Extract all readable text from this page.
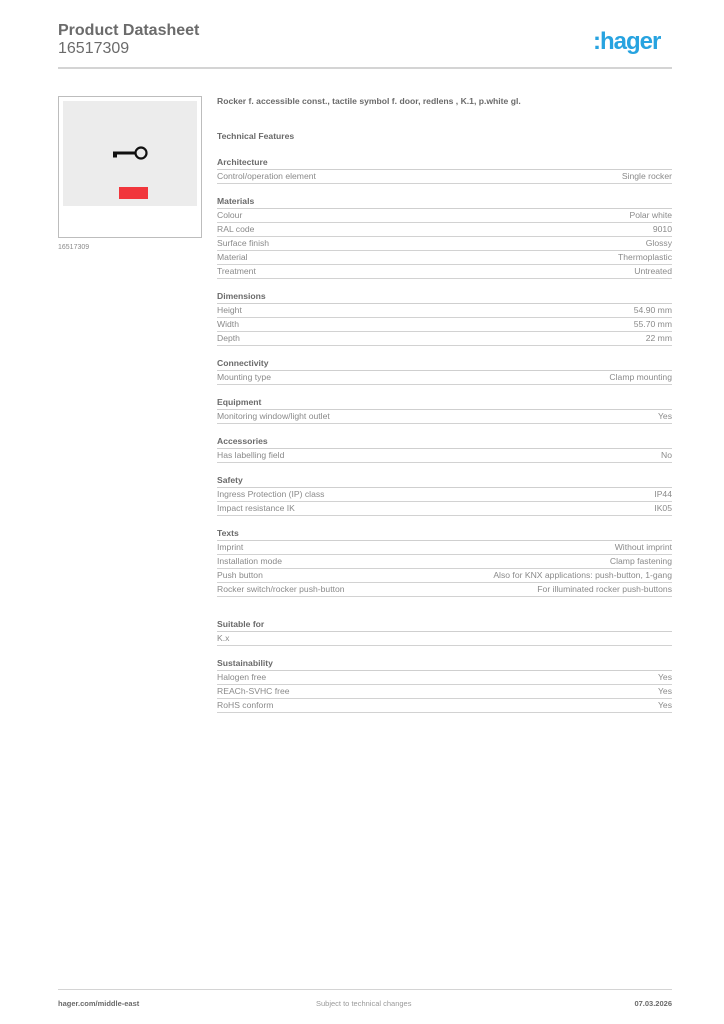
Product Datasheet
16517309	:hager
16517309
Rocker f. accessible const., tactile symbol f. door, redlens , K.1, p.white gl.
Technical Features
Architecture
Control/operation element	Single rocker
Materials
Colour	Polar white
RAL code	9010
Surface finish	Glossy
Material	Thermoplastic
Treatment	Untreated
Dimensions
Height	54.90 mm
Width	55.70 mm
Depth	22 mm
Connectivity
Mounting type	Clamp mounting
Equipment
Monitoring window/light outlet	Yes
Accessories
Has labelling field	No
Safety
Ingress Protection (IP) class	IP44
Impact resistance IK	IK05
Texts
Imprint	Without imprint
Installation mode	Clamp fastening
Push button	Also for KNX applications: push-button, 1-gang
Rocker switch/rocker push-button	For illuminated rocker push-buttons
Suitable for
K.x
Sustainability
Halogen free	Yes
REACh-SVHC free	Yes
RoHS conform	Yes
hager.com/middle-east	Subject to technical changes	07.03.2026
